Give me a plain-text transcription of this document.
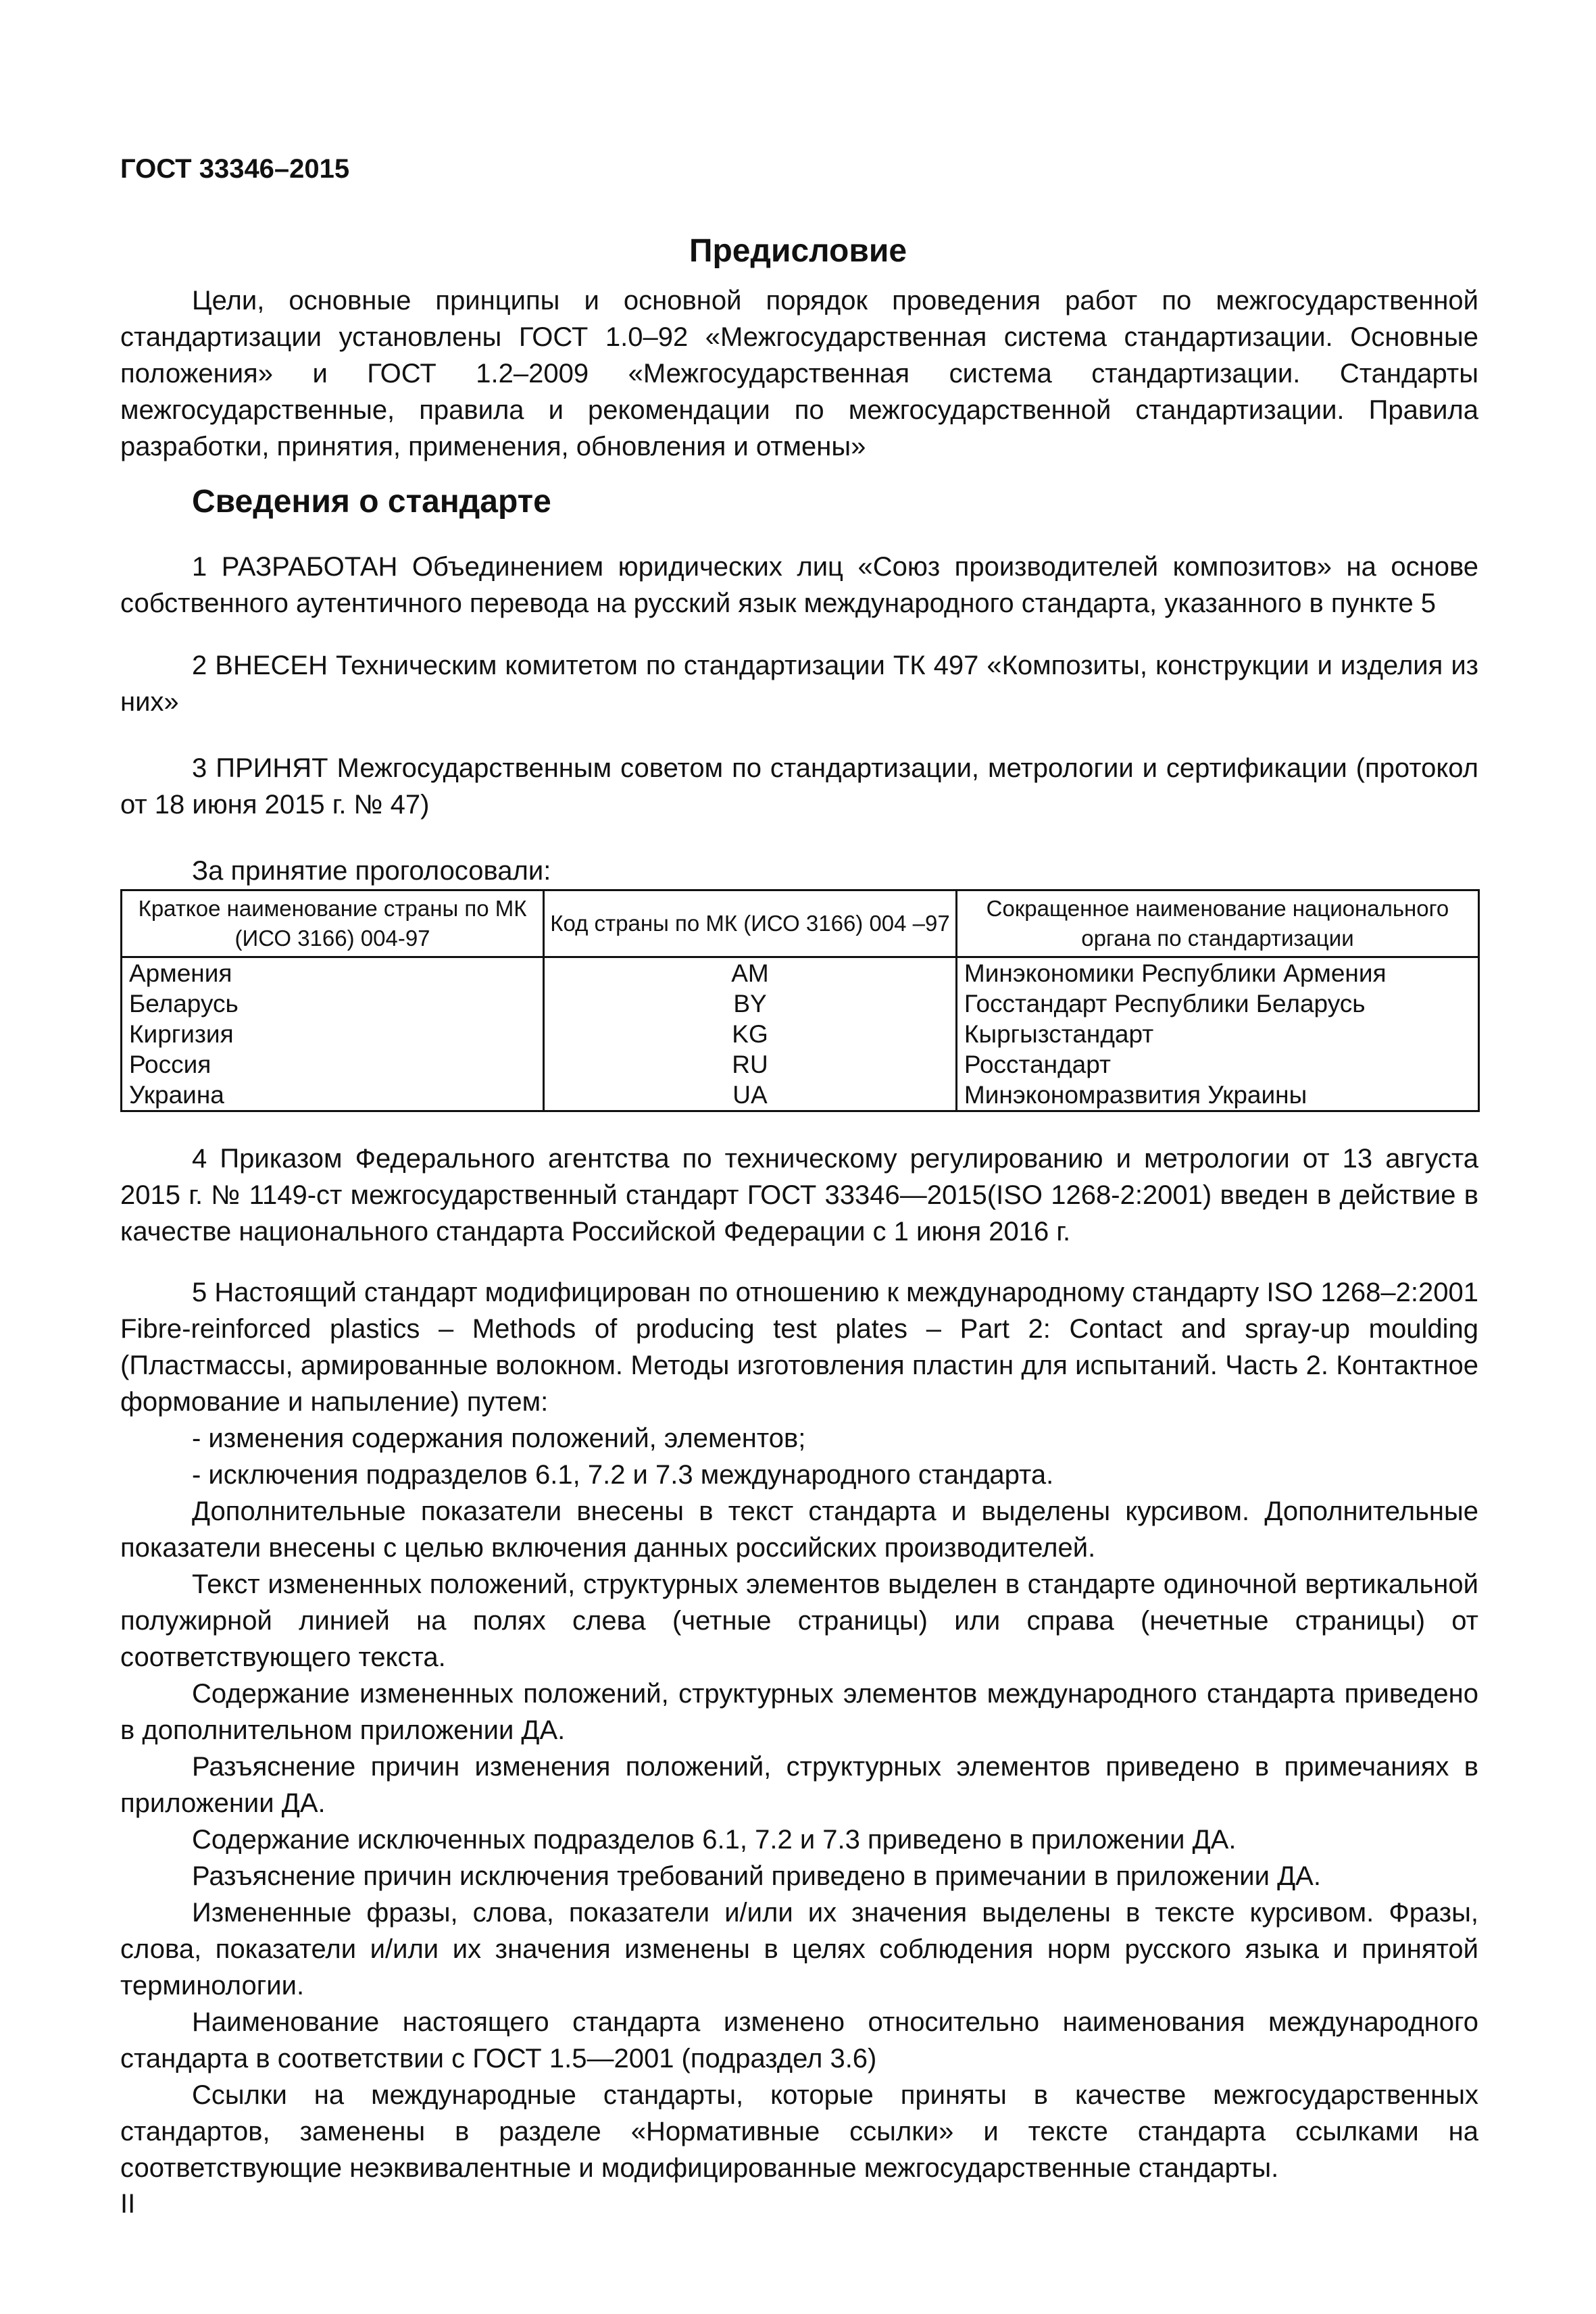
ГОСТ 33346–2015
Предисловие
Цели, основные принципы и основной порядок проведения работ по межгосударственной стандартизации установлены ГОСТ 1.0–92 «Межгосударственная система стандартизации. Основные положения» и ГОСТ 1.2–2009 «Межгосударственная система стандартизации. Стандарты межгосударственные, правила и рекомендации по межгосударственной стандартизации. Правила разработки, принятия, применения, обновления и отмены»
Сведения о стандарте
1 РАЗРАБОТАН Объединением юридических лиц «Союз производителей композитов» на основе собственного аутентичного перевода на русский язык международного стандарта, указанного в пункте 5
2 ВНЕСЕН Техническим комитетом по стандартизации ТК 497 «Композиты, конструкции и изделия из них»
3 ПРИНЯТ Межгосударственным советом по стандартизации, метрологии и сертификации (протокол от 18 июня 2015 г. № 47)
За принятие проголосовали:
Краткое наименование страны по МК (ИСО 3166) 004-97	Код страны по МК (ИСО 3166) 004 –97	Сокращенное наименование национального органа по стандартизации
Армения	AM	Минэкономики Республики Армения
Беларусь	BY	Госстандарт Республики Беларусь
Киргизия	KG	Кыргызстандарт
Россия	RU	Росстандарт
Украина	UA	Минэкономразвития Украины
4 Приказом Федерального агентства по техническому регулированию и метрологии от 13 августа 2015 г. № 1149-ст межгосударственный стандарт ГОСТ 33346—2015(ISO 1268-2:2001) введен в действие в качестве национального стандарта Российской Федерации с 1 июня 2016 г.
5 Настоящий стандарт модифицирован по отношению к международному стандарту ISO 1268–2:2001 Fibre-reinforced plastics – Methods of producing test plates – Part 2: Contact and spray-up moulding (Пластмассы, армированные волокном. Методы изготовления пластин для испытаний. Часть 2. Контактное формование и напыление) путем:
- изменения содержания положений, элементов;
- исключения подразделов 6.1, 7.2 и 7.3 международного стандарта.
Дополнительные показатели внесены в текст стандарта и выделены курсивом. Дополнительные показатели внесены с целью включения данных российских производителей.
Текст измененных положений, структурных элементов выделен в стандарте одиночной вертикальной полужирной линией на полях слева (четные страницы) или справа (нечетные страницы) от соответствующего текста.
Содержание измененных положений, структурных элементов международного стандарта приведено в дополнительном приложении ДА.
Разъяснение причин изменения положений, структурных элементов приведено в примечаниях в приложении ДА.
Содержание исключенных подразделов 6.1, 7.2 и 7.3 приведено в приложении ДА.
Разъяснение причин исключения требований приведено в примечании в приложении ДА.
Измененные фразы, слова, показатели и/или их значения выделены в тексте курсивом. Фразы, слова, показатели и/или их значения изменены в целях соблюдения норм русского языка и принятой терминологии.
Наименование настоящего стандарта изменено относительно наименования международного стандарта в соответствии с ГОСТ 1.5—2001 (подраздел 3.6)
Ссылки на международные стандарты, которые приняты в качестве межгосударственных стандартов, заменены в разделе «Нормативные ссылки» и тексте стандарта ссылками на соответствующие неэквивалентные и модифицированные межгосударственные стандарты.
II
